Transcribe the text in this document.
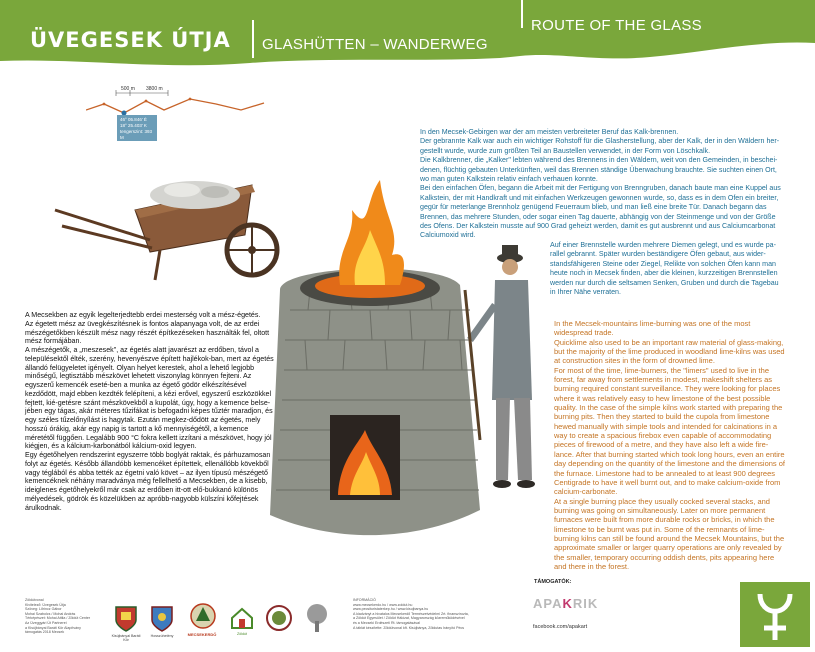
ÜVEGESEK ÚTJA GLASHÜTTEN – WANDERWEG
ROUTE OF THE GLASS
500 m 3800 m
46° 05.846' É
18° 25.403' K
tengerszint: 393 M

In den Mecsek-Gebirgen war der am meisten verbreiteter Beruf das Kalk-brennen.

Der gebrannte Kalk war auch ein wichtiger Rohstoff für die Glasherstellung, aber der Kalk, der in den Wäldern her-gestellt wurde, wurde zum größten Teil an Baustellen verwendet, in der Form von Löschkalk.

Die Kalkbrenner, die „Kalker" lebten während des Brennens in den Wäldern, weit von den Gemeinden, in beschei-denen, flüchtig gebauten Unterkünften, weil das Brennen ständige Überwachung brauchte. Sie suchten einen Ort, wo man guten Kalkstein relativ einfach verhauen konnte.

Bei den einfachen Öfen, begann die Arbeit mit der Fertigung von Brenngruben, danach baute man eine Kuppel aus Kalkstein, der mit Handkraft und mit einfachen Werkzeugen gewonnen wurde, so, dass es in dem Ofen ein breiter, gegür für meterlange Brennholz genügend Feuerraum blieb, und man ließ eine breite Tür. Danach begann das Brennen, das mehrere Stunden, oder sogar einen Tag dauerte, abhängig von der Steinmenge und von der Größe des Ofens. Der Kalkstein musste auf 900 Grad geheizt werden, damit es gut ausbrennt und aus Calciumcarbonat Calciumoxid wird.

Auf einer Brennstelle wurden mehrere Diemen gelegt, und es wurde pa-rallel gebrannt. Später wurden beständigere Öfen gebaut, aus wider-standsfähigeren Steine oder Ziegel, Relikte von solchen Öfen kann man heute noch in Mecsek finden, aber die kleinen, kurzzeitigen Brennstellen werden nur durch die seltsamen Senken, Gruben und durch die Tagebau in Ihrer Nähe verraten.

In the Mecsek-mountains lime-burning was one of the most widespread trade.

Quicklime also used to be an important raw material of glass-making, but the majority of the lime produced in woodland lime-kilns was used at construction sites in the form of drowned lime.

For most of the time, lime-burners, the "limers" used to live in the forest, far away from settlements in modest, makeshift shelters as burning required constant surveillance. They were looking for places where it was relatively easy to hew limestone of the best possible quality. In the case of the simple kilns work started with preparing the burning pits. Then they started to build the cupola from limestone hewed manually with simple tools and intended for calcinations in a way to create a spacious firebox even capable of accommodating pieces of firewood of a metre, and they have also left a wide fire-lance. After that burning started which took long hours, even an entire day depending on the quantity of the limestone and the dimensions of the furnace. Limestone had to be annealed to at least 900 degrees Centigrade to have it well burnt out, and to make calcium-oxide from calcium-carbonate.

At a single burning place they usually cocked several stacks, and burning was going on simultaneously. Later on more permanent furnaces were built from more durable rocks or bricks, in which the limestone to be burnt was put in. Some of the remnants of lime-burning kilns can still be found around the Mecsek Mountains, but the approximate smaller or larger quarry operations are only revealed by the smaller, temporary occurring oddish dents, pits appearing here and there in the forest.

A Mecsekben az egyik legelterjedtebb erdei mesterség volt a mész-égetés.

Az égetett mész az üvegkészítésnek is fontos alapanyaga volt, de az erdei mészégetőkben készült mész nagy részét építkezéseken használták fel, oltott mész formájában.

A mészégetők, a „meszesek", az égetés alatt javarészt az erdőben, távol a településektől élték, szerény, hevenyészve épített hajlékok-ban, mert az égetés állandó felügyeletet igényelt. Olyan helyet kerestek, ahol a lehető legjobb minőségű, legtisztább mészkövet lehetett viszonylag könnyen fejteni. Az egyszerű kemencék eseté-ben a munka az égető gödör elkészítésével kezdődött, majd ebben kezdték felépíteni, a kézi erővel, egyszerű eszközökkel fejtett, kié-getésre szánt mészkövekből a kupolát, úgy, hogy a kemence belse-jében egy tágas, akár méteres tűzifákat is befogadni képes tűztér maradjon, és egy széles tűzelőnyílást is hagytak. Ezután megkez-dődött az égetés, mely hosszú órákig, akár egy napig is tartott a kő mennyiségétől, a kemence méretétől függően. Legalább 900 °C fokra kellett izzítani a mészkövet, hogy jól kiégjen, és a kálcium-karbonátból kálcium-oxid legyen.

Egy égetőhelyen rendszerint egyszerre több boglyát raktak, és párhuzamosan folyt az égetés. Később állandóbb kemencéket építettek, ellenállóbb kövekből vagy téglából és abba tették az égetni való követ – az ilyen típusú mészégető kemencéknek néhány maradványa még fellelhető a Mecsekben, de a kisebb, ideiglenes égetőhelyekről már csak az erdőben itt-ott elő-bukkanó különös mélyedések, gödrök és közelükben az apróbb-nagyobb külszíni kőfejtések árulkodnak.

Zöldútvonal
Kivitelező: Üvegesek Útja
Szöveg: Lőrincz Gábor
Mohai Szabolcs / Mohai András
Térképészet: Mohai Attila / Zöldút Center
Az Üveggyári Út Partnerei
a Kisújbányai Baráti Kör Alapítvány
támogatás 2018 Mecsek
Kisújbányai Baráti Kör
Hosszúhetény	MECSEKERDŐ	Zöldút
INFORMÁCIÓ
www.mecsekerdo.hu / www.zoldut.hu
www.pecsituristaterkep.hu / www.kisujbanya.hu
A kiadványt a hivatalos Mecsekerdő Természetvédelmi Zrt. finanszírozta,
a Zöldút Egyesület / Zöldút Hálózat, Magyarország közreműködésével
és a Mecseki Erdészeti Rt. támogatásával
A táblát készítette: Zöldútvonal kft. Kisújbánya, Zöldutas Irányító Pécs
TÁMOGATÓK:
APAKRIK
facebook.com/apakart
